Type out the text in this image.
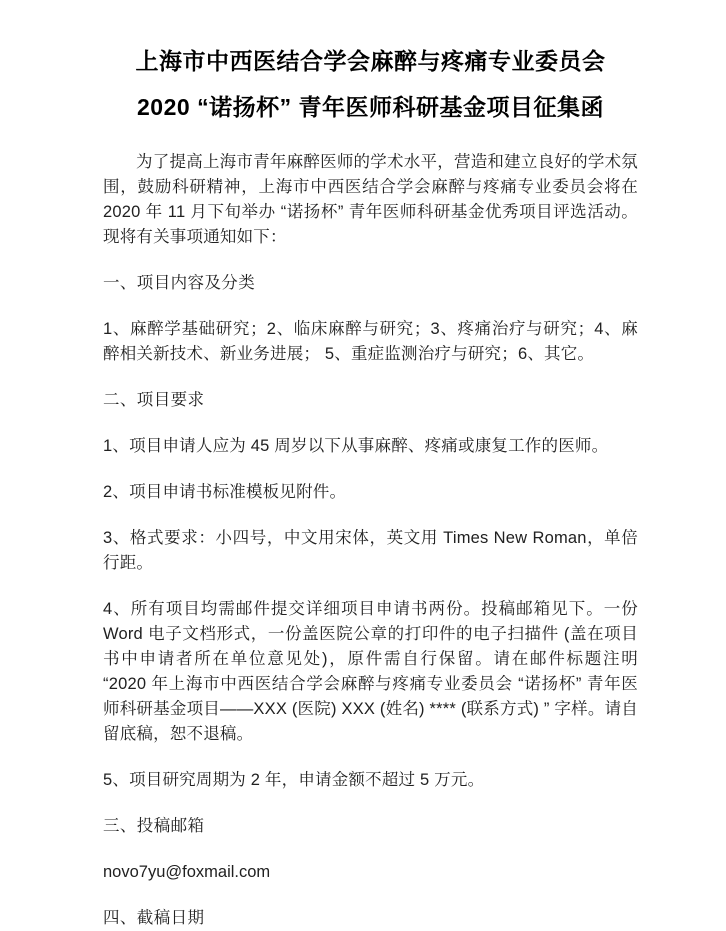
上海市中西医结合学会麻醉与疼痛专业委员会
2020 “诺扬杯” 青年医师科研基金项目征集函

为了提高上海市青年麻醉医师的学术水平，营造和建立良好的学术氛围，鼓励科研精神，上海市中西医结合学会麻醉与疼痛专业委员会将在 2020 年 11 月下旬举办 “诺扬杯” 青年医师科研基金优秀项目评选活动。现将有关事项通知如下：

一、项目内容及分类

1、麻醉学基础研究；2、临床麻醉与研究；3、疼痛治疗与研究；4、麻醉相关新技术、新业务进展； 5、重症监测治疗与研究；6、其它。

二、项目要求

1、项目申请人应为 45 周岁以下从事麻醉、疼痛或康复工作的医师。

2、项目申请书标准模板见附件。

3、格式要求：小四号，中文用宋体，英文用 Times New Roman，单倍行距。

4、所有项目均需邮件提交详细项目申请书两份。投稿邮箱见下。一份 Word 电子文档形式，一份盖医院公章的打印件的电子扫描件 (盖在项目书中申请者所在单位意见处)，原件需自行保留。请在邮件标题注明 “2020 年上海市中西医结合学会麻醉与疼痛专业委员会 “诺扬杯” 青年医师科研基金项目——XXX (医院) XXX (姓名) **** (联系方式) ” 字样。请自留底稿，恕不退稿。

5、项目研究周期为 2 年，申请金额不超过 5 万元。

三、投稿邮箱

novo7yu@foxmail.com

四、截稿日期
